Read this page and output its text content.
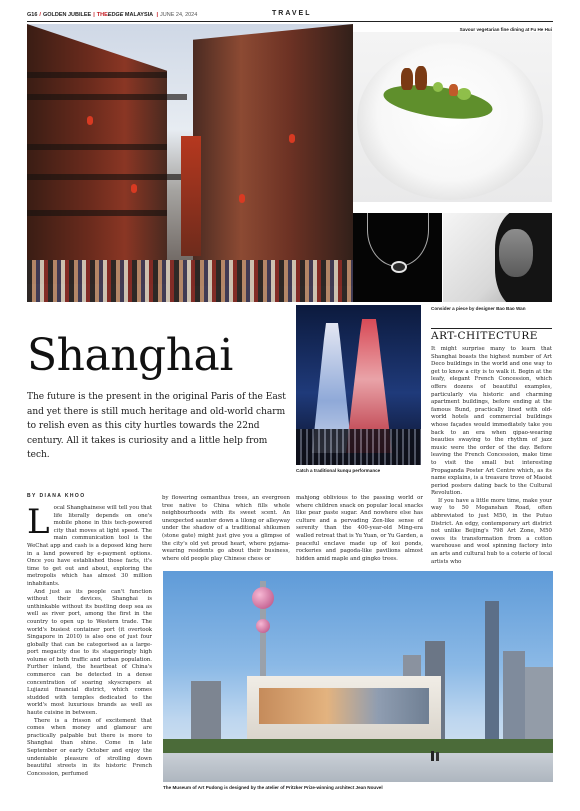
G16 / GOLDEN JUBILEE | THEEDGE MALAYSIA | JUNE 24, 2024	TRAVEL
Savour vegetarian fine dining at Fu He Hui
Consider a piece by designer Bao Bao Wan
Catch a traditional kunqu performance
Shanghai
The future is the present in the original Paris of the East and yet there is still much heritage and old-world charm to relish even as this city hurtles towards the 22nd century. All it takes is curiosity and a little help from tech.
BY DIANA KHOO
L ocal Shanghainese will tell you that life literally depends on one's mobile phone in this tech-powered city that moves at light speed. The main communication tool is the WeChat app and cash is a deposed king here in a land powered by e-payment options. Once you have established those facts, it's time to get out and about, exploring the metropolis which has almost 30 million inhabitants.

And just as its people can't function without their devices, Shanghai is unthinkable without its bustling deep sea as well as river port, among the first in the country to open up to Western trade. The world's busiest container port (it overtook Singapore in 2010) is also one of just four globally that can be categorised as a large-port megacity due to its staggeringly high volume of both traffic and urban population. Further inland, the heartbeat of China's commerce can be detected in a dense concentration of soaring skyscrapers at Lujiazui financial district, which comes studded with temples dedicated to the world's most luxurious brands as well as haute cuisine in between.

There is a frisson of excitement that comes when money and glamour are practically palpable but there is more to Shanghai than shine. Come in late September or early October and enjoy the undeniable pleasure of strolling down beautiful streets in its historic French Concession, perfumed

by flowering osmanthus trees, an evergreen tree native to China which fills whole neighbourhoods with its sweet scent. An unexpected saunter down a lilong or alleyway under the shadow of a traditional shikumen (stone gate) might just give you a glimpse of the city's old yet proud heart, where pyjama-wearing residents go about their business, where old people play Chinese chess or

mahjong oblivious to the passing world or where children snack on popular local snacks like pear paste sugar. And nowhere else has culture and a pervading Zen-like sense of serenity than the 400-year-old Ming-era walled retreat that is Yu Yuan, or Yu Garden, a peaceful enclave made up of koi ponds, rockeries and pagoda-like pavilions almost hidden amid maple and gingko trees.

ART-CHITECTURE

It might surprise many to learn that Shanghai boasts the highest number of Art Deco buildings in the world and one way to get to know a city is to walk it. Begin at the leafy, elegant French Concession, which offers dozens of beautiful examples, particularly via historic and charming apartment buildings, before ending at the famous Bund, practically lined with old-world hotels and commercial buildings whose façades would immediately take you back to an era when qipao-wearing beauties swaying to the rhythm of jazz music were the order of the day. Before leaving the French Concession, make time to visit the small but interesting Propaganda Poster Art Centre which, as its name explains, is a treasure trove of Maoist period posters dating back to the Cultural Revolution.

If you have a little more time, make your way to 50 Moganshan Road, often abbreviated to just M50, in the Putuo District. An edgy, contemporary art district not unlike Beijing's 798 Art Zone, M50 owes its transformation from a cotton warehouse and wool spinning factory into an arts and cultural hub to a coterie of local artists who

The Museum of Art Pudong is designed by the atelier of Pritzker Prize-winning architect Jean Nouvel
